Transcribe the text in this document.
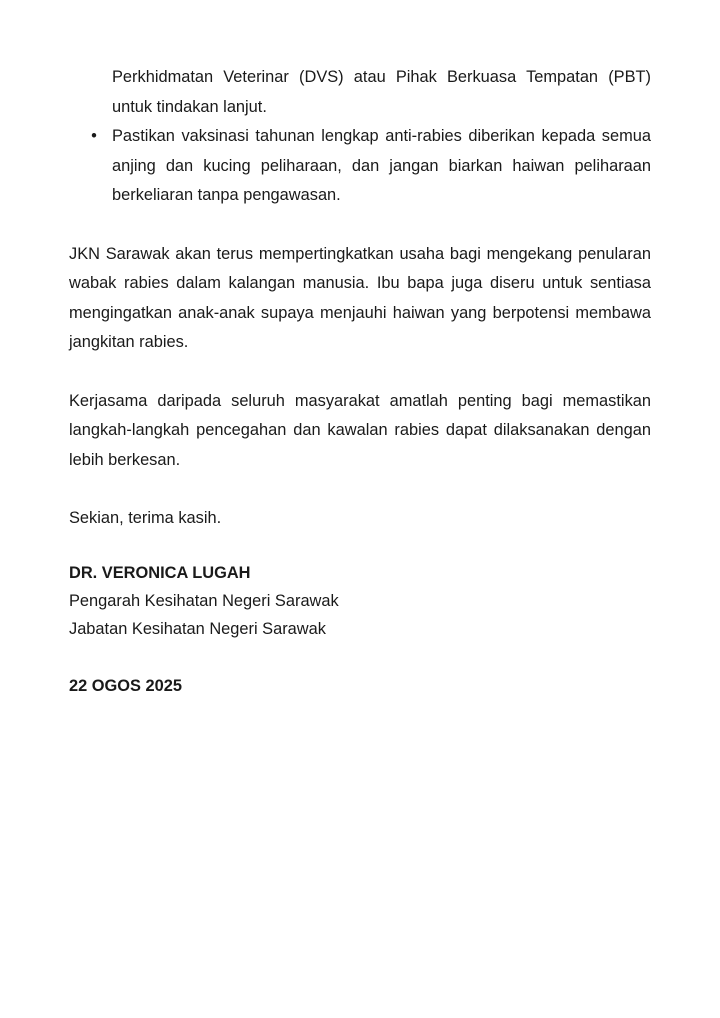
Perkhidmatan Veterinar (DVS) atau Pihak Berkuasa Tempatan (PBT) untuk tindakan lanjut.
• Pastikan vaksinasi tahunan lengkap anti-rabies diberikan kepada semua anjing dan kucing peliharaan, dan jangan biarkan haiwan peliharaan berkeliaran tanpa pengawasan.

JKN Sarawak akan terus mempertingkatkan usaha bagi mengekang penularan wabak rabies dalam kalangan manusia. Ibu bapa juga diseru untuk sentiasa mengingatkan anak-anak supaya menjauhi haiwan yang berpotensi membawa jangkitan rabies.

Kerjasama daripada seluruh masyarakat amatlah penting bagi memastikan langkah-langkah pencegahan dan kawalan rabies dapat dilaksanakan dengan lebih berkesan.

Sekian, terima kasih.

DR. VERONICA LUGAH

Pengarah Kesihatan Negeri Sarawak

Jabatan Kesihatan Negeri Sarawak

22 OGOS 2025
